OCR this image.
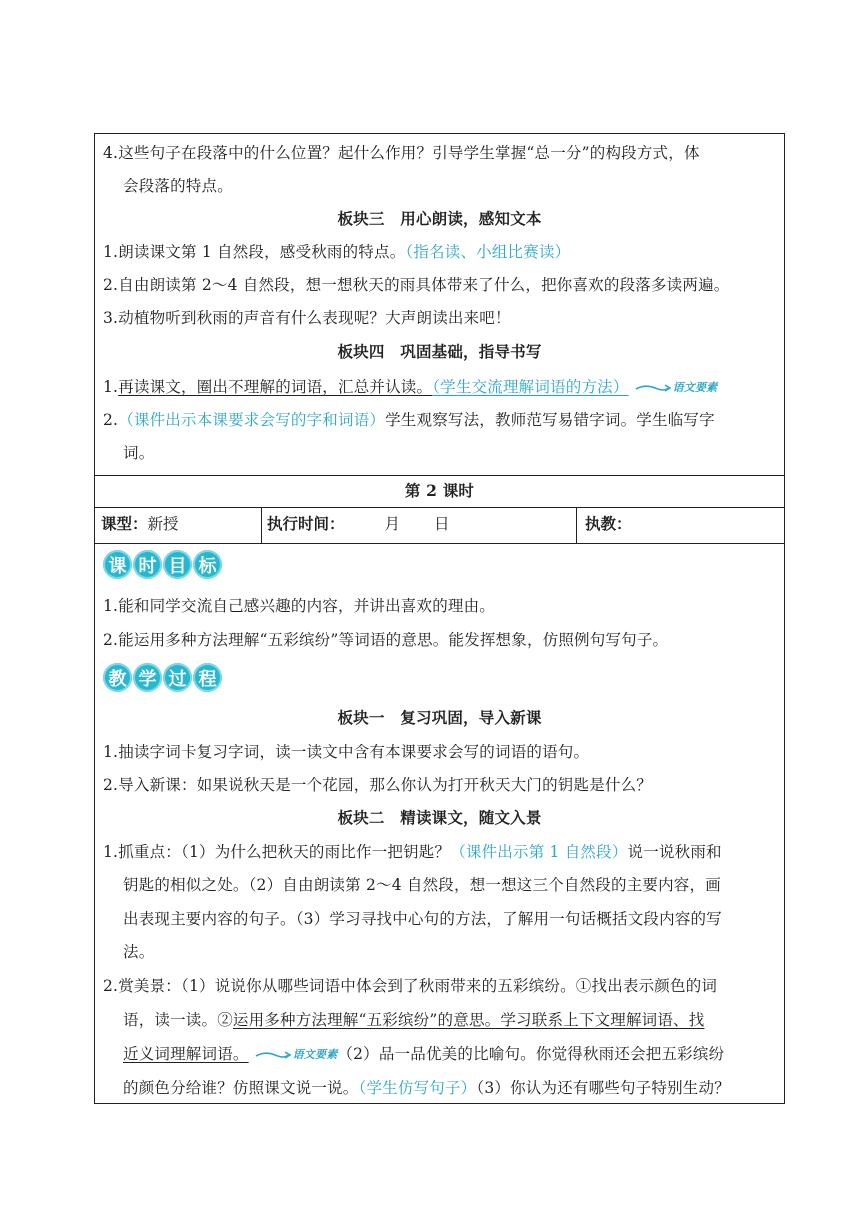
4.这些句子在段落中的什么位置？起什么作用？引导学生掌握“总一分”的构段方式，体
会段落的特点。
板块三　用心朗读，感知文本
1.朗读课文第 1 自然段，感受秋雨的特点。（指名读、小组比赛读）
2.自由朗读第 2～4 自然段，想一想秋天的雨具体带来了什么，把你喜欢的段落多读两遍。
3.动植物听到秋雨的声音有什么表现呢？大声朗读出来吧！
板块四　巩固基础，指导书写
1.再读课文，圈出不理解的词语，汇总并认读。（学生交流理解词语的方法）	语文要素
2.（课件出示本课要求会写的字和词语）学生观察写法，教师范写易错字词。学生临写字
词。
第 2 课时
课型：新授	执行时间：	月 日	执教：
课 时 目 标
1.能和同学交流自己感兴趣的内容，并讲出喜欢的理由。
2.能运用多种方法理解“五彩缤纷”等词语的意思。能发挥想象，仿照例句写句子。
教 学 过 程
板块一　复习巩固，导入新课
1.抽读字词卡复习字词，读一读文中含有本课要求会写的词语的语句。
2.导入新课：如果说秋天是一个花园，那么你认为打开秋天大门的钥匙是什么？
板块二　精读课文，随文入景
1.抓重点：（1）为什么把秋天的雨比作一把钥匙？（课件出示第 1 自然段）说一说秋雨和
钥匙的相似之处。（2）自由朗读第 2～4 自然段，想一想这三个自然段的主要内容，画
出表现主要内容的句子。（3）学习寻找中心句的方法，了解用一句话概括文段内容的写
法。
2.赏美景：（1）说说你从哪些词语中体会到了秋雨带来的五彩缤纷。①找出表示颜色的词
语，读一读。②运用多种方法理解“五彩缤纷”的意思。学习联系上下文理解词语、找
近义词理解词语。	语文要素 （2）品一品优美的比喻句。你觉得秋雨还会把五彩缤纷
的颜色分给谁？仿照课文说一说。（学生仿写句子）（3）你认为还有哪些句子特别生动？
